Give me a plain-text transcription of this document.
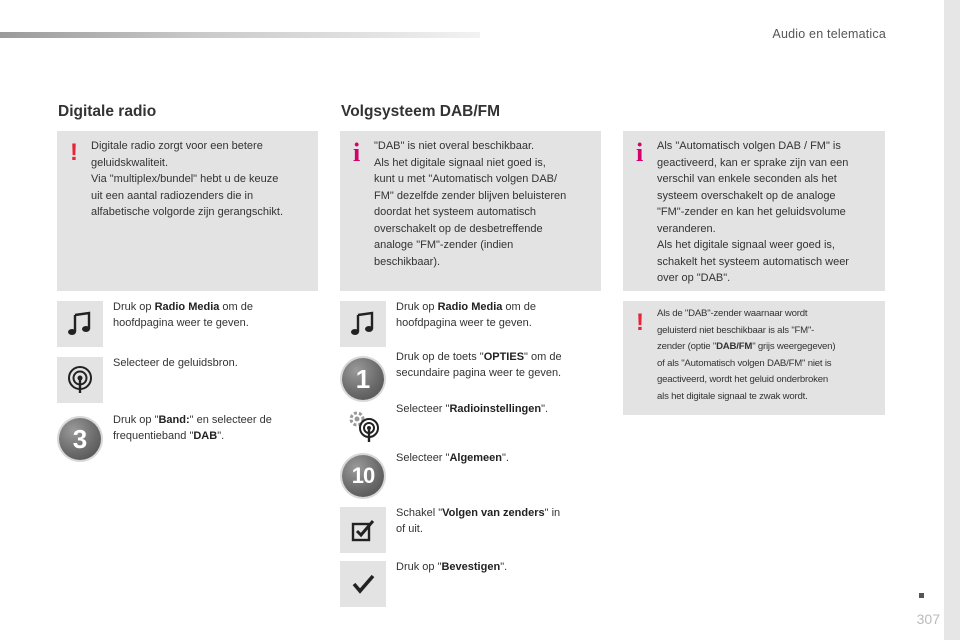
Audio en telematica
Digitale radio
! Digitale radio zorgt voor een betere
geluidskwaliteit.
Via "multiplex/bundel" hebt u de keuze
uit een aantal radiozenders die in
alfabetische volgorde zijn gerangschikt.
Druk op Radio Media om de
hoofdpagina weer te geven.
Selecteer de geluidsbron.
3
Druk op "Band:" en selecteer de
frequentieband "DAB".
Volgsysteem DAB/FM
i "DAB" is niet overal beschikbaar.
Als het digitale signaal niet goed is,
kunt u met "Automatisch volgen DAB/
FM" dezelfde zender blijven beluisteren
doordat het systeem automatisch
overschakelt op de desbetreffende
analoge "FM"-zender (indien
beschikbaar).
i Als "Automatisch volgen DAB / FM" is
geactiveerd, kan er sprake zijn van een
verschil van enkele seconden als het
systeem overschakelt op de analoge
"FM"-zender en kan het geluidsvolume
veranderen.
Als het digitale signaal weer goed is,
schakelt het systeem automatisch weer
over op "DAB".
! Als de "DAB"-zender waarnaar wordt
geluisterd niet beschikbaar is als "FM"-
zender (optie "DAB/FM" grijs weergegeven)
of als "Automatisch volgen DAB/FM" niet is
geactiveerd, wordt het geluid onderbroken
als het digitale signaal te zwak wordt.
Druk op Radio Media om de
hoofdpagina weer te geven.
1
Druk op de toets "OPTIES" om de
secundaire pagina weer te geven.
Selecteer "Radioinstellingen".
10
Selecteer "Algemeen".
Schakel "Volgen van zenders" in
of uit.
Druk op "Bevestigen".
307
